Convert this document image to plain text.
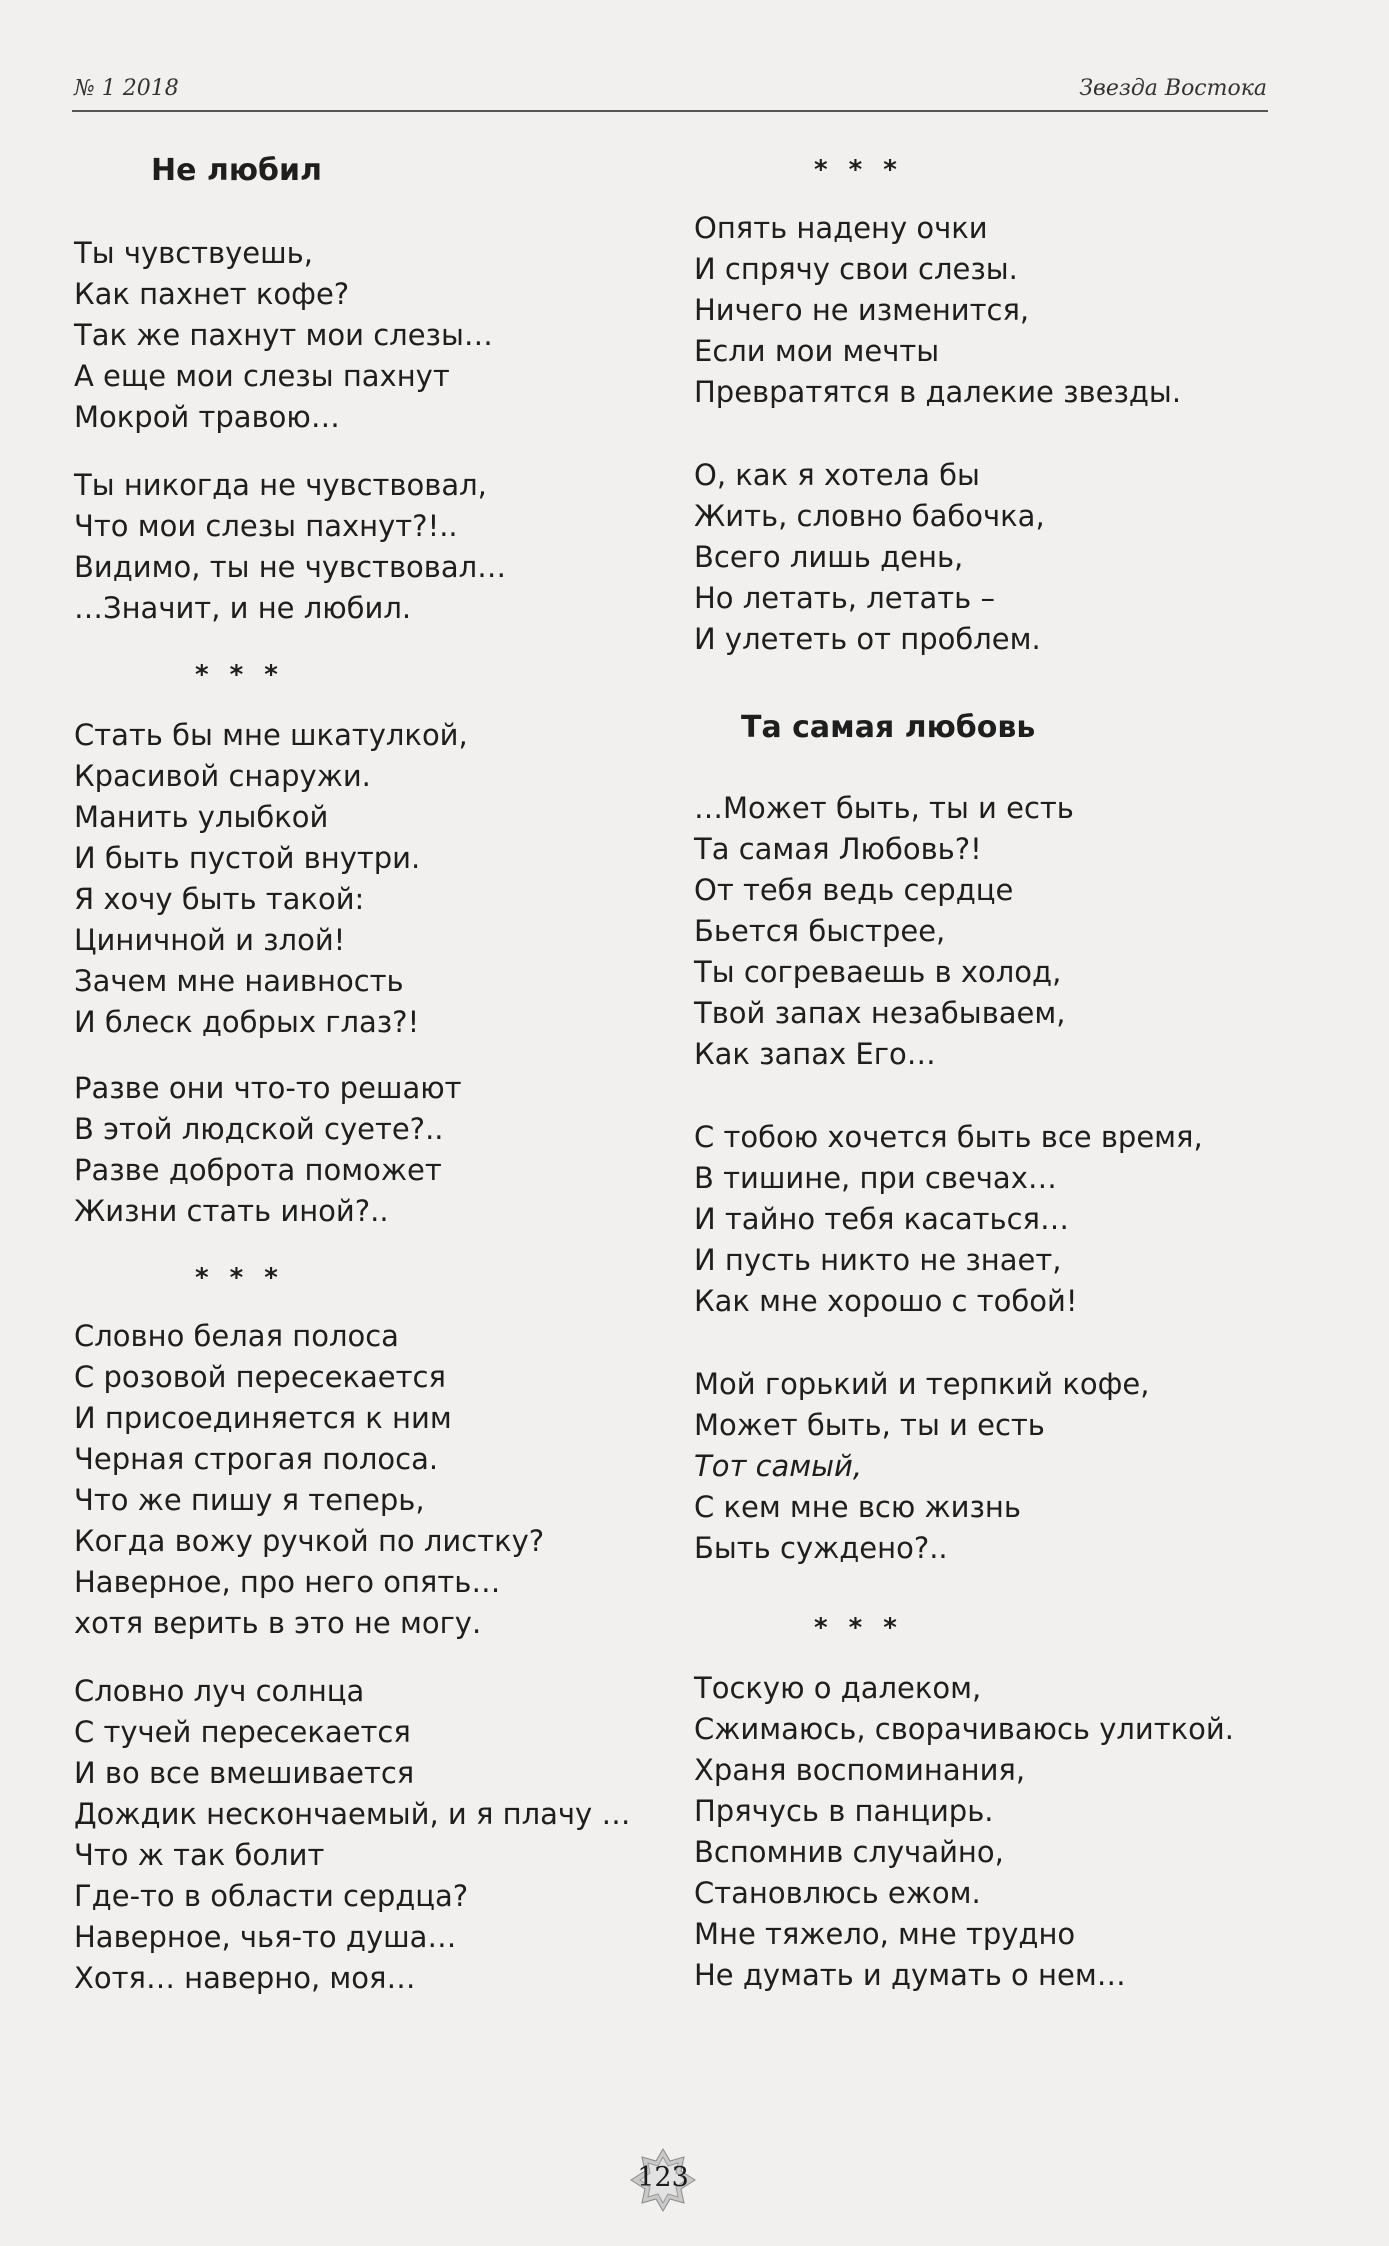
№ 1 2018	Звезда Востока
Не любил
Ты чувствуешь,
Как пахнет кофе?
Так же пахнут мои слезы…
А еще мои слезы пахнут
Мокрой травою…
Ты никогда не чувствовал,
Что мои слезы пахнут?!..
Видимо, ты не чувствовал…
…Значит, и не любил.
* * *
Стать бы мне шкатулкой,
Красивой снаружи.
Манить улыбкой
И быть пустой внутри.
Я хочу быть такой:
Циничной и злой!
Зачем мне наивность
И блеск добрых глаз?!
Разве они что-то решают
В этой людской суете?..
Разве доброта поможет
Жизни стать иной?..
* * *
Словно белая полоса
С розовой пересекается
И присоединяется к ним
Черная строгая полоса.
Что же пишу я теперь,
Когда вожу ручкой по листку?
Наверное, про него опять…
хотя верить в это не могу.
Словно луч солнца
С тучей пересекается
И во все вмешивается
Дождик нескончаемый, и я плачу …
Что ж так болит
Где-то в области сердца?
Наверное, чья-то душа…
Хотя… наверно, моя…
* * *
Опять надену очки
И спрячу свои слезы.
Ничего не изменится,
Если мои мечты
Превратятся в далекие звезды.
О, как я хотела бы
Жить, словно бабочка,
Всего лишь день,
Но летать, летать –
И улететь от проблем.
Та самая любовь
…Может быть, ты и есть
Та самая Любовь?!
От тебя ведь сердце
Бьется быстрее,
Ты согреваешь в холод,
Твой запах незабываем,
Как запах Его…
С тобою хочется быть все время,
В тишине, при свечах…
И тайно тебя касаться…
И пусть никто не знает,
Как мне хорошо с тобой!
Мой горький и терпкий кофе,
Может быть, ты и есть
Тот самый,
С кем мне всю жизнь
Быть суждено?..
* * *
Тоскую о далеком,
Сжимаюсь, сворачиваюсь улиткой.
Храня воспоминания,
Прячусь в панцирь.
Вспомнив случайно,
Становлюсь ежом.
Мне тяжело, мне трудно
Не думать и думать о нем…
123
